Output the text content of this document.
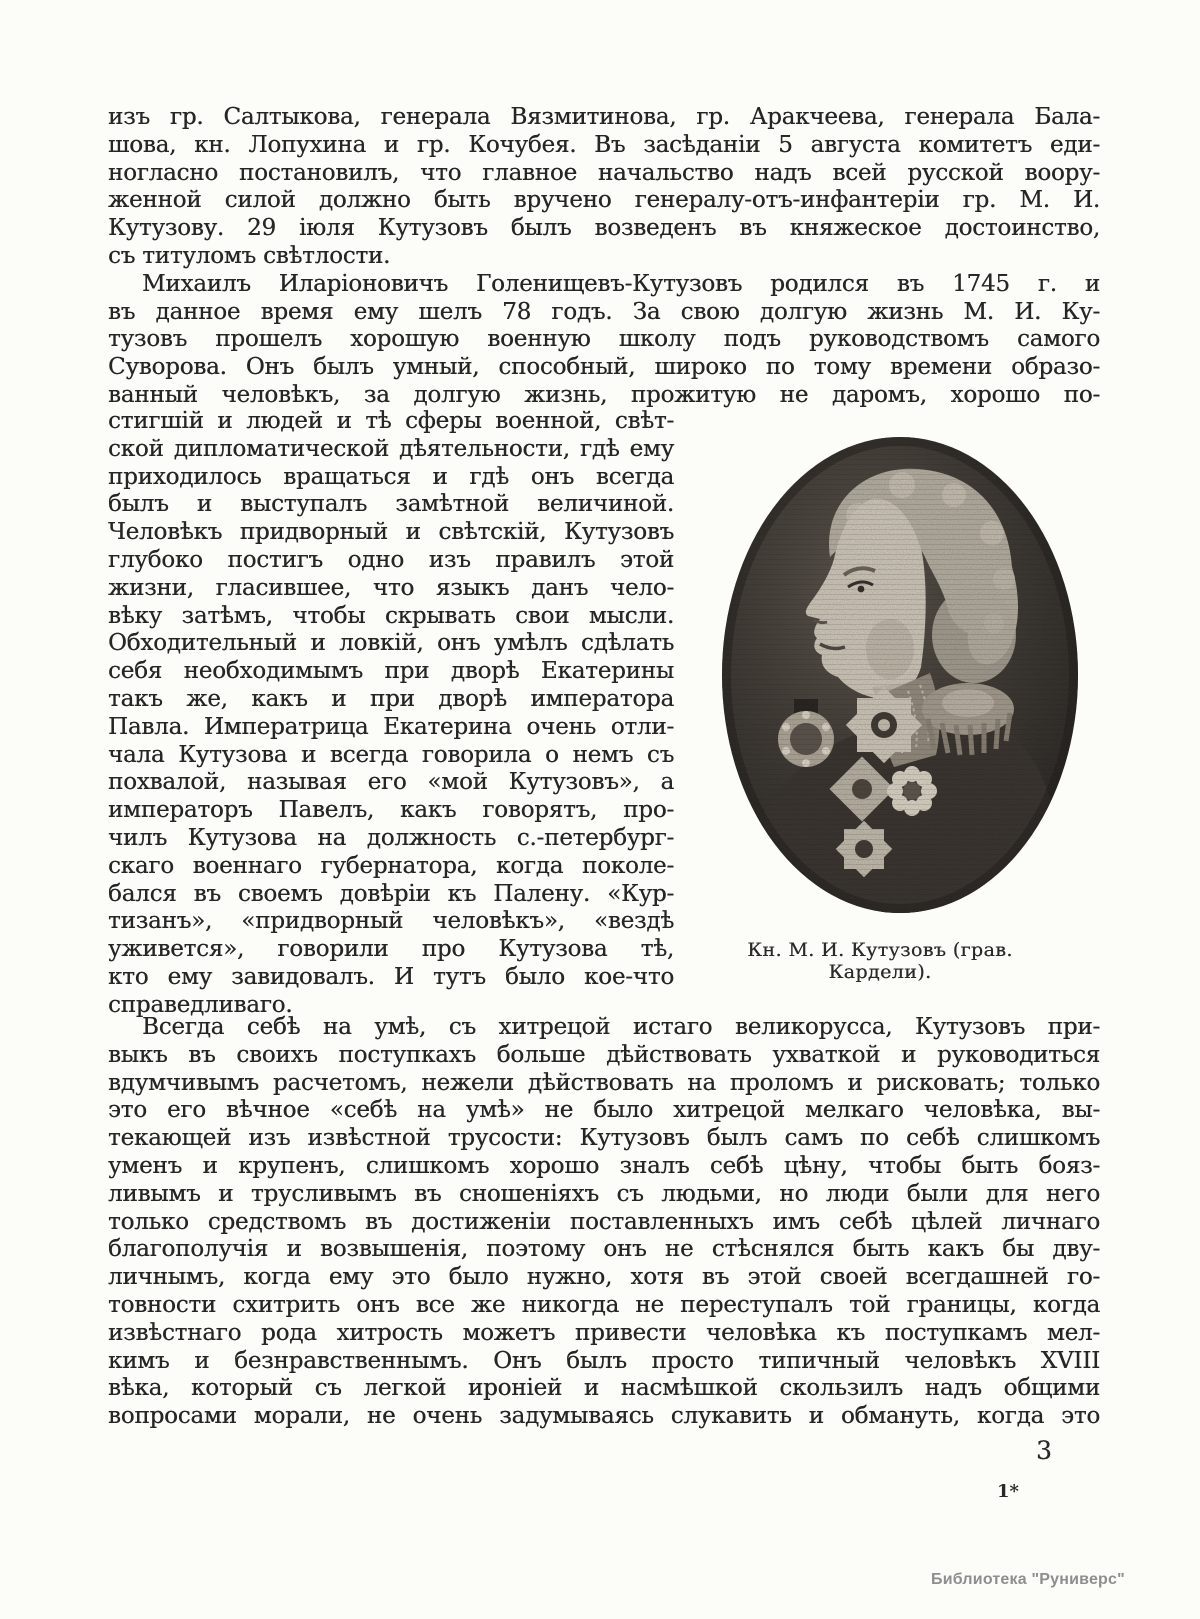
изъ гр. Салтыкова, генерала Вязмитинова, гр. Аракчеева, генерала Бала-
шова, кн. Лопухина и гр. Кочубея. Въ засѣданіи 5 августа комитетъ еди-
ногласно постановилъ, что главное начальство надъ всей русской воору-
женной силой должно быть вручено генералу-отъ-инфантеріи гр. М. И.
Кутузову. 29 іюля Кутузовъ былъ возведенъ въ княжеское достоинство,
съ титуломъ свѣтлости.
Михаилъ Иларіоновичъ Голенищевъ-Кутузовъ родился въ 1745 г. и
въ данное время ему шелъ 78 годъ. За свою долгую жизнь М. И. Ку-
тузовъ прошелъ хорошую военную школу подъ руководствомъ самого
Суворова. Онъ былъ умный, способный, широко по тому времени образо-
ванный человѣкъ, за долгую жизнь, прожитую не даромъ, хорошо по-
стигшій и людей и тѣ сферы военной, свѣт-
ской дипломатической дѣятельности, гдѣ ему
приходилось вращаться и гдѣ онъ всегда
былъ и выступалъ замѣтной величиной.
Человѣкъ придворный и свѣтскій, Кутузовъ
глубоко постигъ одно изъ правилъ этой
жизни, гласившее, что языкъ данъ чело-
вѣку затѣмъ, чтобы скрывать свои мысли.
Обходительный и ловкій, онъ умѣлъ сдѣлать
себя необходимымъ при дворѣ Екатерины
такъ же, какъ и при дворѣ императора
Павла. Императрица Екатерина очень отли-
чала Кутузова и всегда говорила о немъ съ
похвалой, называя его «мой Кутузовъ», а
императоръ Павелъ, какъ говорятъ, про-
чилъ Кутузова на должность с.-петербург-
скаго военнаго губернатора, когда поколе-
бался въ своемъ довѣріи къ Палену. «Кур-
тизанъ», «придворный человѣкъ», «вездѣ
уживется», говорили про Кутузова тѣ,
кто ему завидовалъ. И тутъ было кое-что
справедливаго.
Кн. М. И. Кутузовъ (грав. Кардели).
Всегда себѣ на умѣ, съ хитрецой истаго великорусса, Кутузовъ при-
выкъ въ своихъ поступкахъ больше дѣйствовать ухваткой и руководиться
вдумчивымъ расчетомъ, нежели дѣйствовать на проломъ и рисковать; только
это его вѣчное «себѣ на умѣ» не было хитрецой мелкаго человѣка, вы-
текающей изъ извѣстной трусости: Кутузовъ былъ самъ по себѣ слишкомъ
уменъ и крупенъ, слишкомъ хорошо зналъ себѣ цѣну, чтобы быть бояз-
ливымъ и трусливымъ въ сношеніяхъ съ людьми, но люди были для него
только средствомъ въ достиженіи поставленныхъ имъ себѣ цѣлей личнаго
благополучія и возвышенія, поэтому онъ не стѣснялся быть какъ бы дву-
личнымъ, когда ему это было нужно, хотя въ этой своей всегдашней го-
товности схитрить онъ все же никогда не переступалъ той границы, когда
извѣстнаго рода хитрость можетъ привести человѣка къ поступкамъ мел-
кимъ и безнравственнымъ. Онъ былъ просто типичный человѣкъ XVIII
вѣка, который съ легкой ироніей и насмѣшкой скользилъ надъ общими
вопросами морали, не очень задумываясь слукавить и обмануть, когда это
3
1*
Библиотека "Руниверс"
